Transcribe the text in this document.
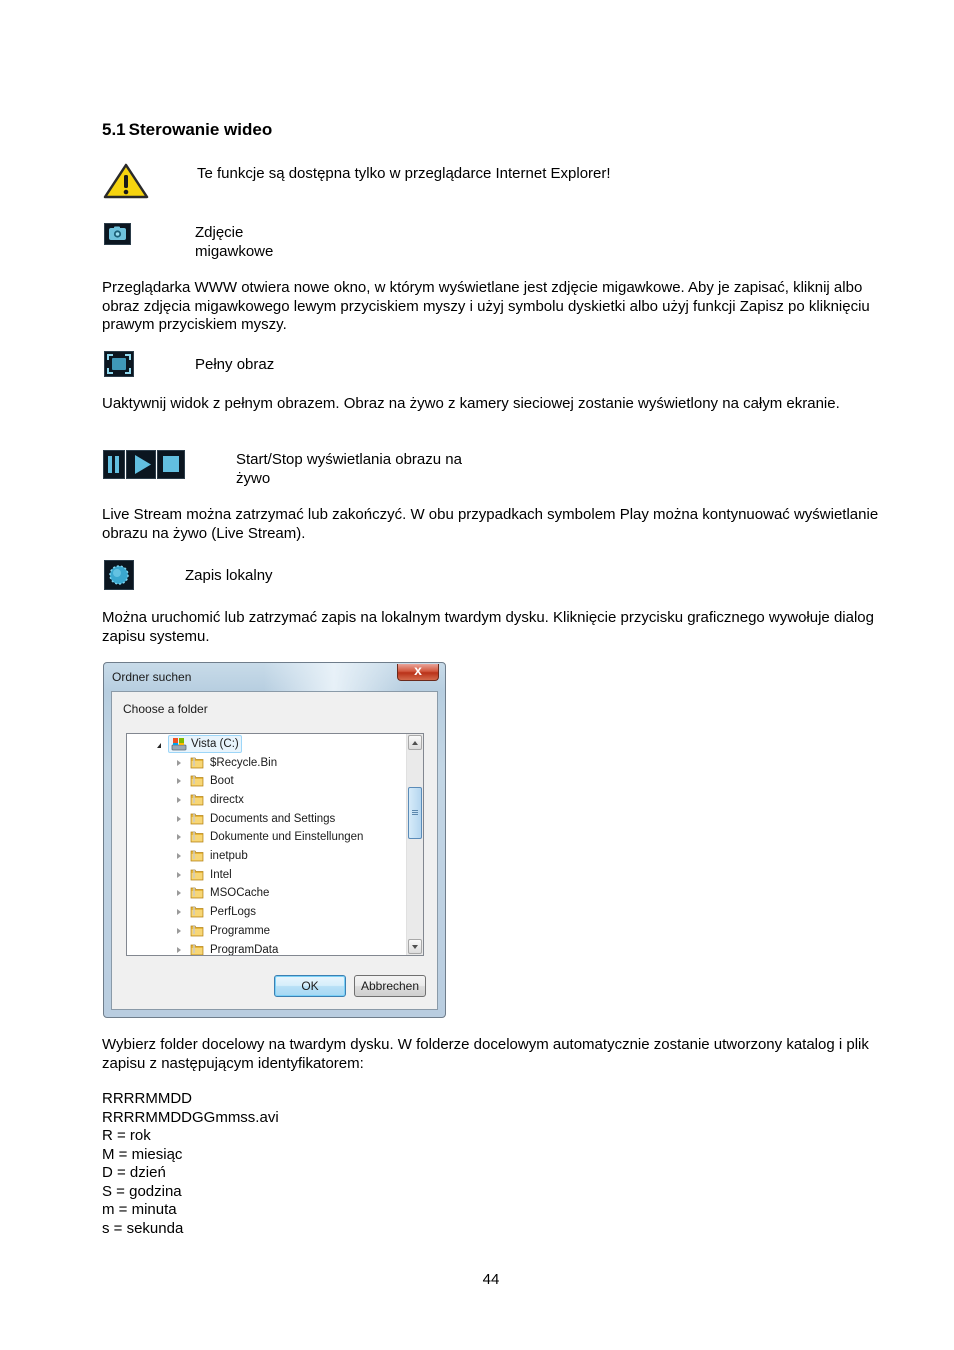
5.1 Sterowanie wideo
Te funkcje są dostępna tylko w przeglądarce Internet Explorer!
Zdjęcie
migawkowe
Przeglądarka WWW otwiera nowe okno, w którym wyświetlane jest zdjęcie migawkowe. Aby je zapisać, kliknij albo obraz zdjęcia migawkowego lewym przyciskiem myszy i użyj symbolu dyskietki albo użyj funkcji Zapisz po kliknięciu prawym przyciskiem myszy.
Pełny obraz
Uaktywnij widok z pełnym obrazem. Obraz na żywo z kamery sieciowej zostanie wyświetlony na całym ekranie.
Start/Stop wyświetlania obrazu na
żywo
Live Stream można zatrzymać lub zakończyć. W obu przypadkach symbolem Play można kontynuować wyświetlanie obrazu na żywo (Live Stream).
Zapis lokalny
Można uruchomić lub zatrzymać zapis na lokalnym twardym dysku. Kliknięcie przycisku graficznego wywołuje dialog zapisu systemu.
Ordner suchen	x
Choose a folder
Vista (C:)
$Recycle.Bin
Boot
directx
Documents and Settings
Dokumente und Einstellungen
inetpub
Intel
MSOCache
PerfLogs
Programme
ProgramData
OK	Abbrechen
Wybierz folder docelowy na twardym dysku. W folderze docelowym automatycznie zostanie utworzony katalog i plik zapisu z następującym identyfikatorem:
RRRRMMDD
RRRRMMDDGGmmss.avi
R = rok
M = miesiąc
D = dzień
S = godzina
m = minuta
s = sekunda
44
